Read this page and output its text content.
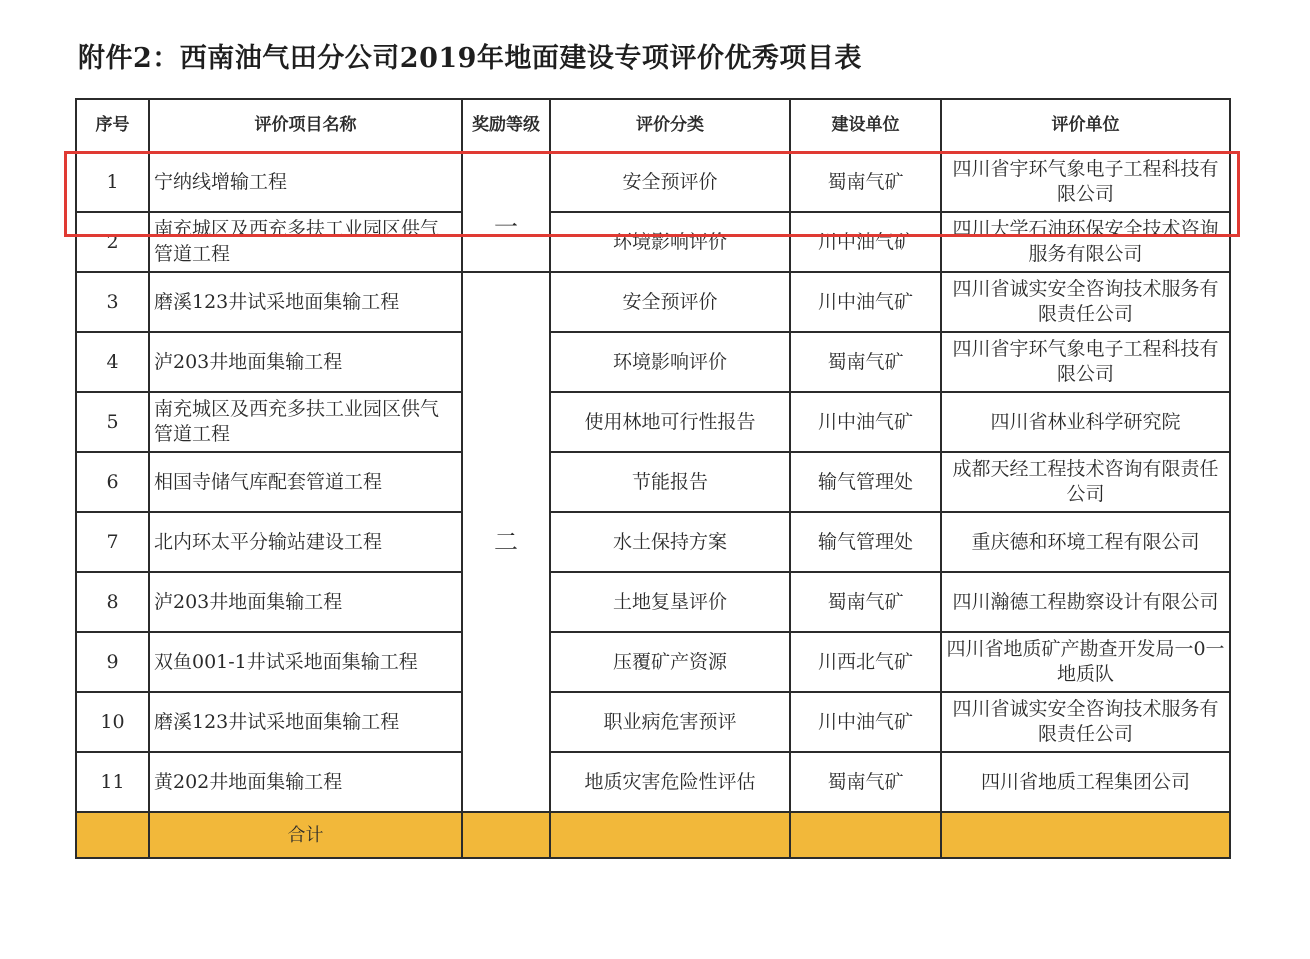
附件2：西南油气田分公司2019年地面建设专项评价优秀项目表
序号	评价项目名称	奖励等级	评价分类	建设单位	评价单位
1	宁纳线增输工程	一	安全预评价	蜀南气矿	四川省宇环气象电子工程科技有限公司
2	南充城区及西充多扶工业园区供气管道工程		环境影响评价	川中油气矿	四川大学石油环保安全技术咨询服务有限公司
3	磨溪123井试采地面集输工程	二	安全预评价	川中油气矿	四川省诚实安全咨询技术服务有限责任公司
4	泸203井地面集输工程		环境影响评价	蜀南气矿	四川省宇环气象电子工程科技有限公司
5	南充城区及西充多扶工业园区供气管道工程		使用林地可行性报告	川中油气矿	四川省林业科学研究院
6	相国寺储气库配套管道工程		节能报告	输气管理处	成都天经工程技术咨询有限责任公司
7	北内环太平分输站建设工程		水土保持方案	输气管理处	重庆德和环境工程有限公司
8	泸203井地面集输工程		土地复垦评价	蜀南气矿	四川瀚德工程勘察设计有限公司
9	双鱼001-1井试采地面集输工程		压覆矿产资源	川西北气矿	四川省地质矿产勘查开发局一0一地质队
10	磨溪123井试采地面集输工程		职业病危害预评	川中油气矿	四川省诚实安全咨询技术服务有限责任公司
11	黄202井地面集输工程		地质灾害危险性评估	蜀南气矿	四川省地质工程集团公司
	合计				
